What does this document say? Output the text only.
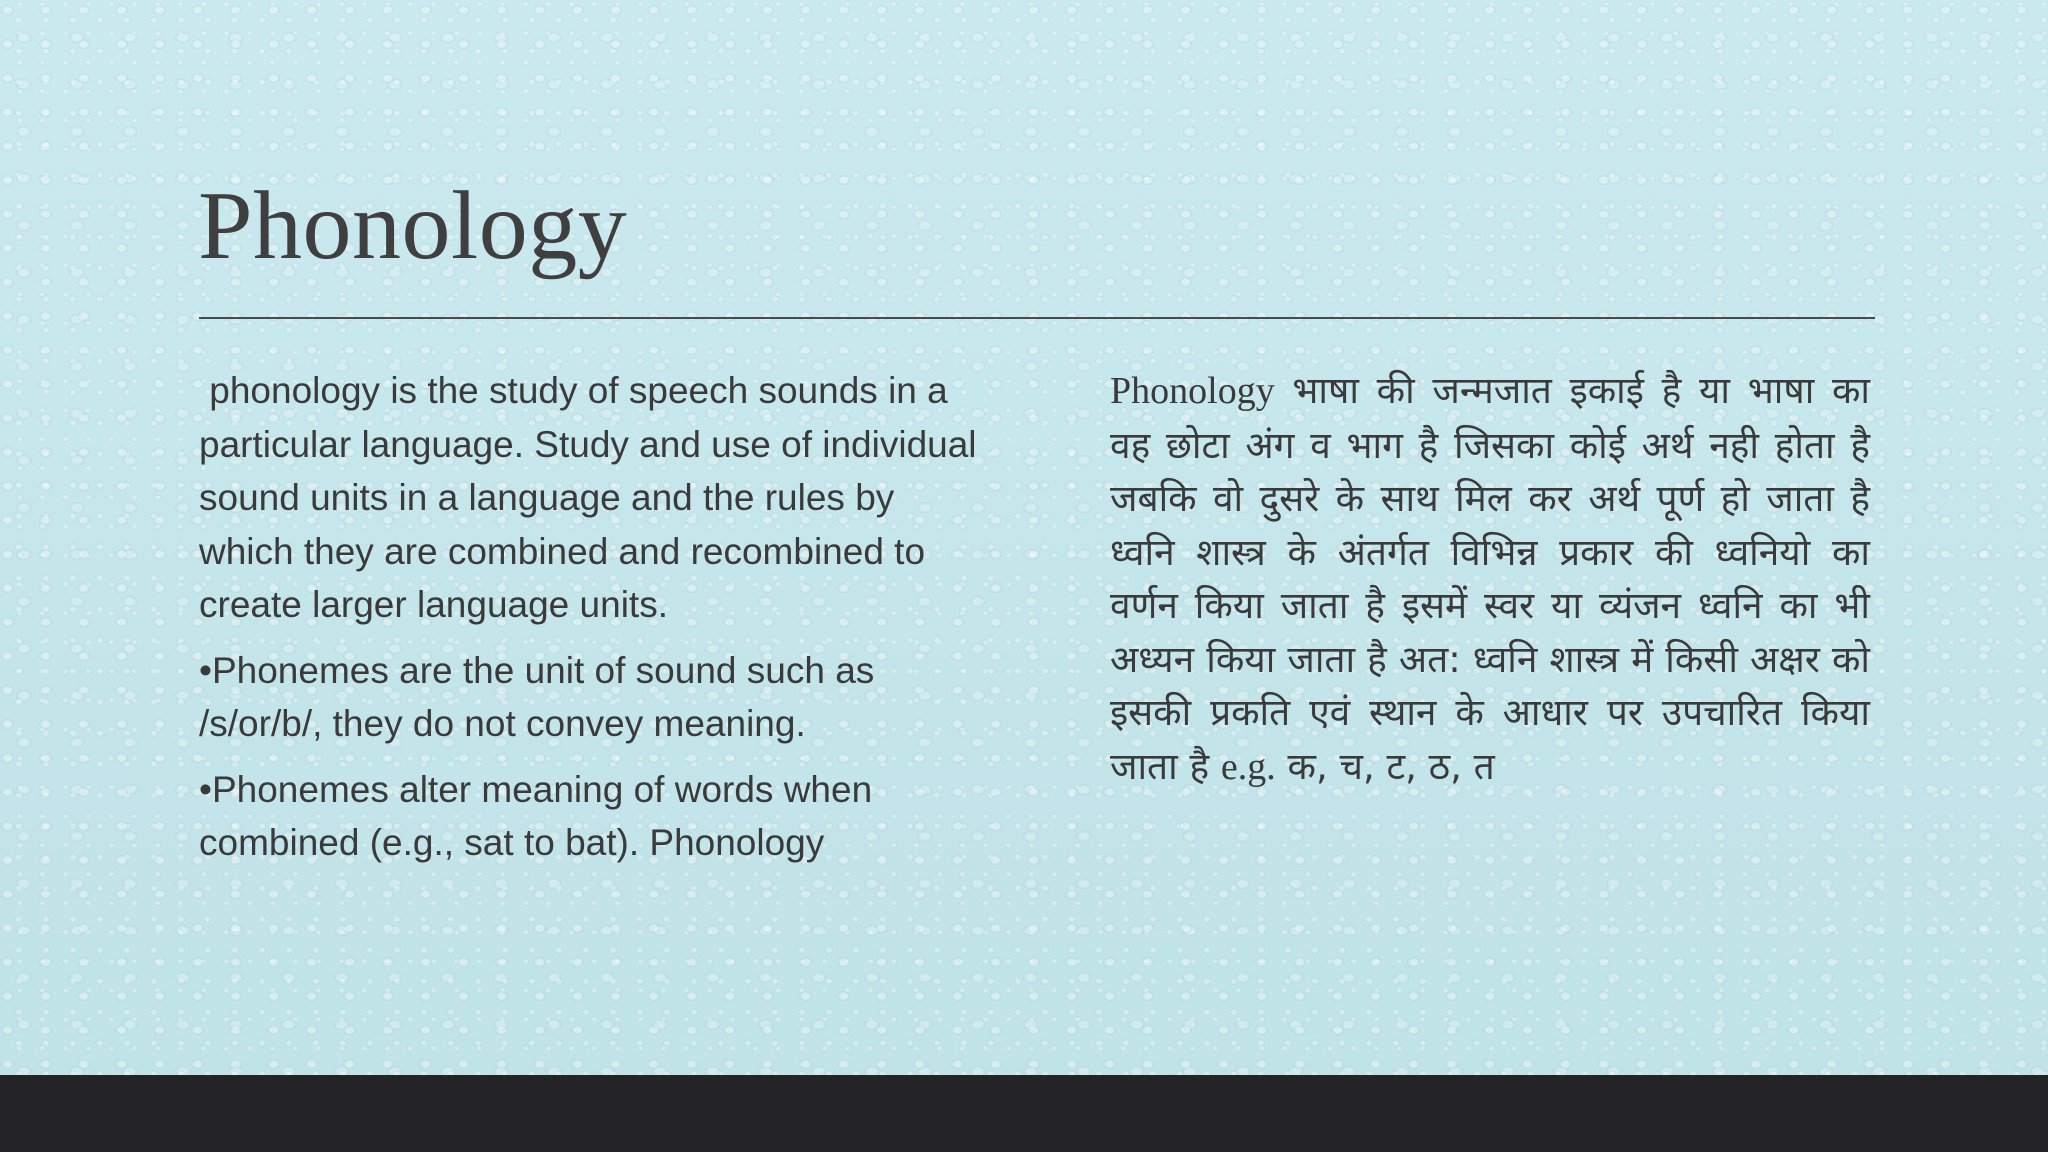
Phonology

phonology is the study of speech sounds in a particular language. Study and use of individual sound units in a language and the rules by which they are combined and recombined to create larger language units.

•Phonemes are the unit of sound such as /s/or/b/, they do not convey meaning.

•Phonemes alter meaning of words when combined (e.g., sat to bat). Phonology

Phonology भाषा की जन्मजात इकाई है या भाषा का वह छोटा अंग व भाग है जिसका कोई अर्थ नही होता है जबकि वो दुसरे के साथ मिल कर अर्थ पूर्ण हो जाता है ध्वनि शास्त्र के अंतर्गत विभिन्न प्रकार की ध्वनियो का वर्णन किया जाता है इसमें स्वर या व्यंजन ध्वनि का भी अध्यन किया जाता है अत: ध्वनि शास्त्र में किसी अक्षर को इसकी प्रकति एवं स्थान के आधार पर उपचारित किया जाता है e.g. क, च, ट, ठ, त
